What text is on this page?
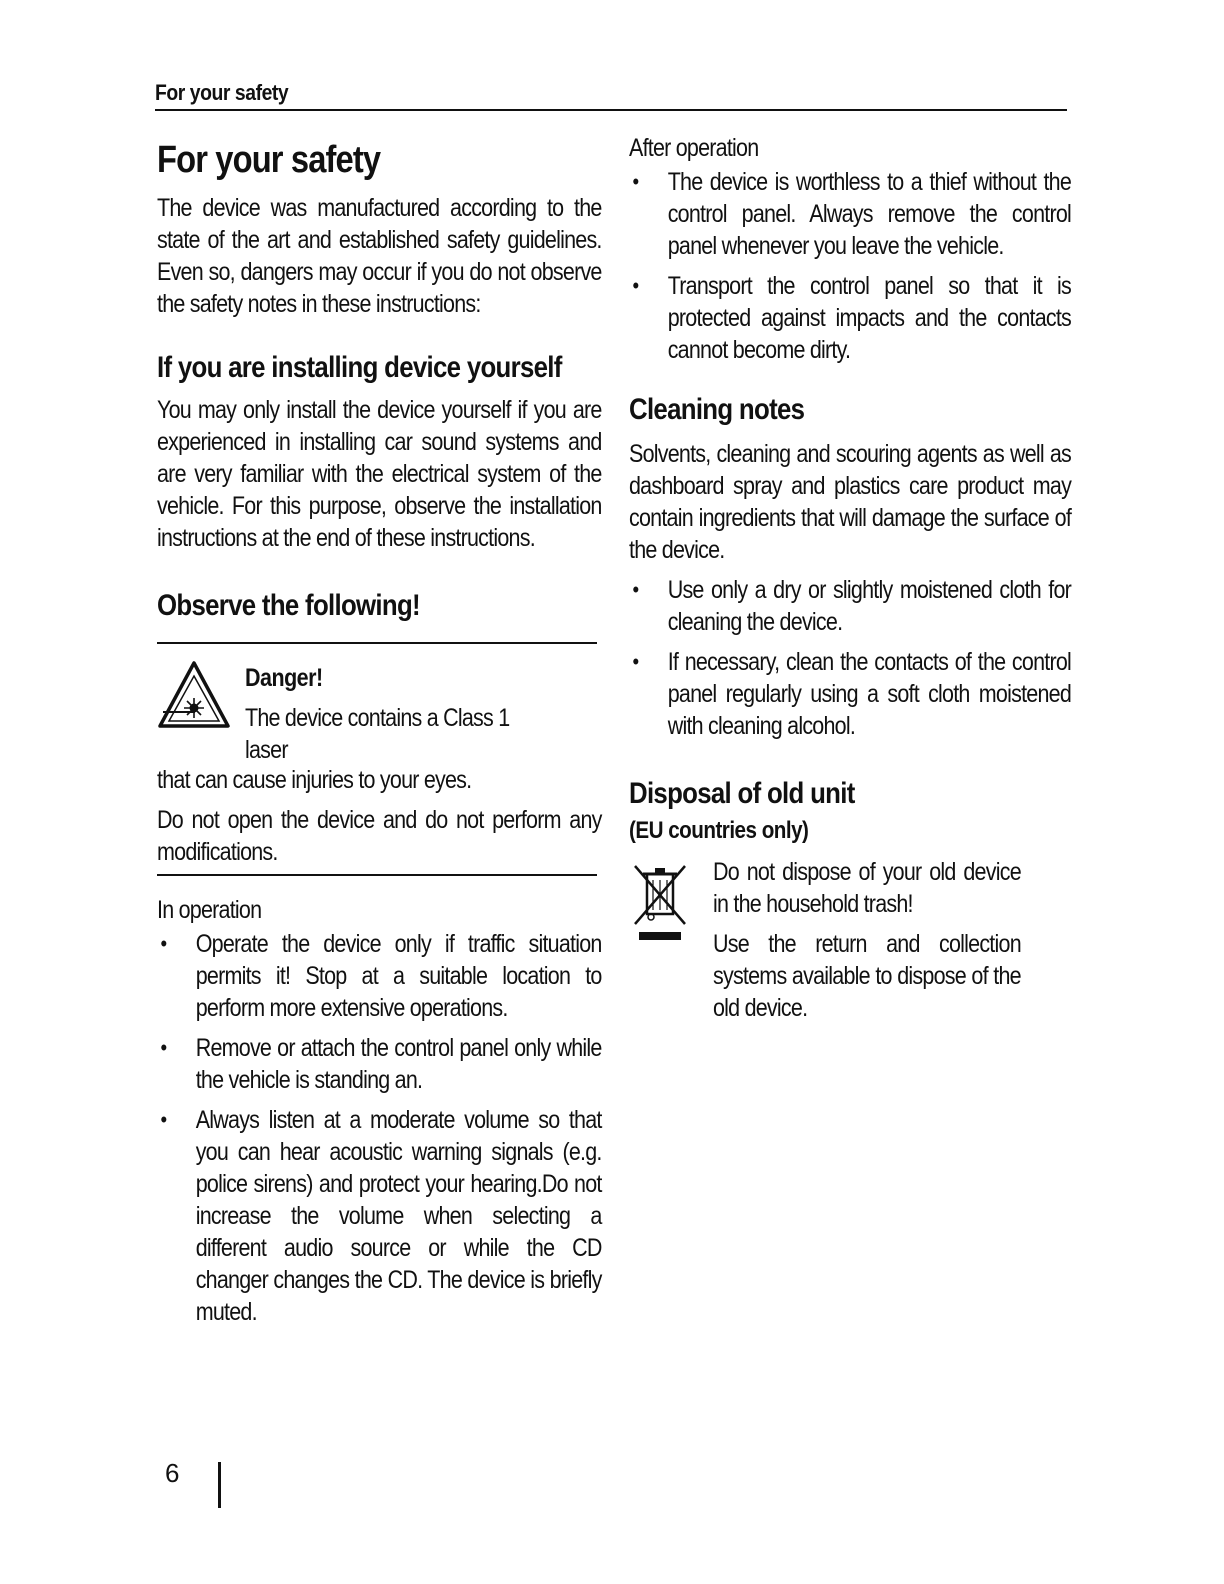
For your safety
For your safety

The device was manufactured according to the state of the art and established safety guidelines. Even so, dangers may occur if you do not observe the safety notes in these instructions:

If you are installing device yourself

You may only install the device yourself if you are experienced in installing car sound systems and are very familiar with the electrical system of the vehicle. For this purpose, observe the installation instructions at the end of these instructions.

Observe the following!
Danger!
The device contains a Class 1 laser

that can cause injuries to your eyes.

Do not open the device and do not perform any modifications.

In operation
• Operate the device only if traffic situation permits it! Stop at a suitable location to perform more extensive operations.
• Remove or attach the control panel only while the vehicle is standing an.
• Always listen at a moderate volume so that you can hear acoustic warning signals (e.g. police sirens) and protect your hearing.Do not increase the volume when selecting a different audio source or while the CD changer changes the CD. The device is briefly muted.
After operation
• The device is worthless to a thief without the control panel. Always remove the control panel whenever you leave the vehicle.
• Transport the control panel so that it is protected against impacts and the contacts cannot become dirty.
Cleaning notes

Solvents, cleaning and scouring agents as well as dashboard spray and plastics care product may contain ingredients that will damage the surface of the device.

• Use only a dry or slightly moistened cloth for cleaning the device.
• If necessary, clean the contacts of the control panel regularly using a soft cloth moistened with cleaning alcohol.
Disposal of old unit
(EU countries only)

Do not dispose of your old device in the household trash!

Use the return and collection systems available to dispose of the old device.

6
